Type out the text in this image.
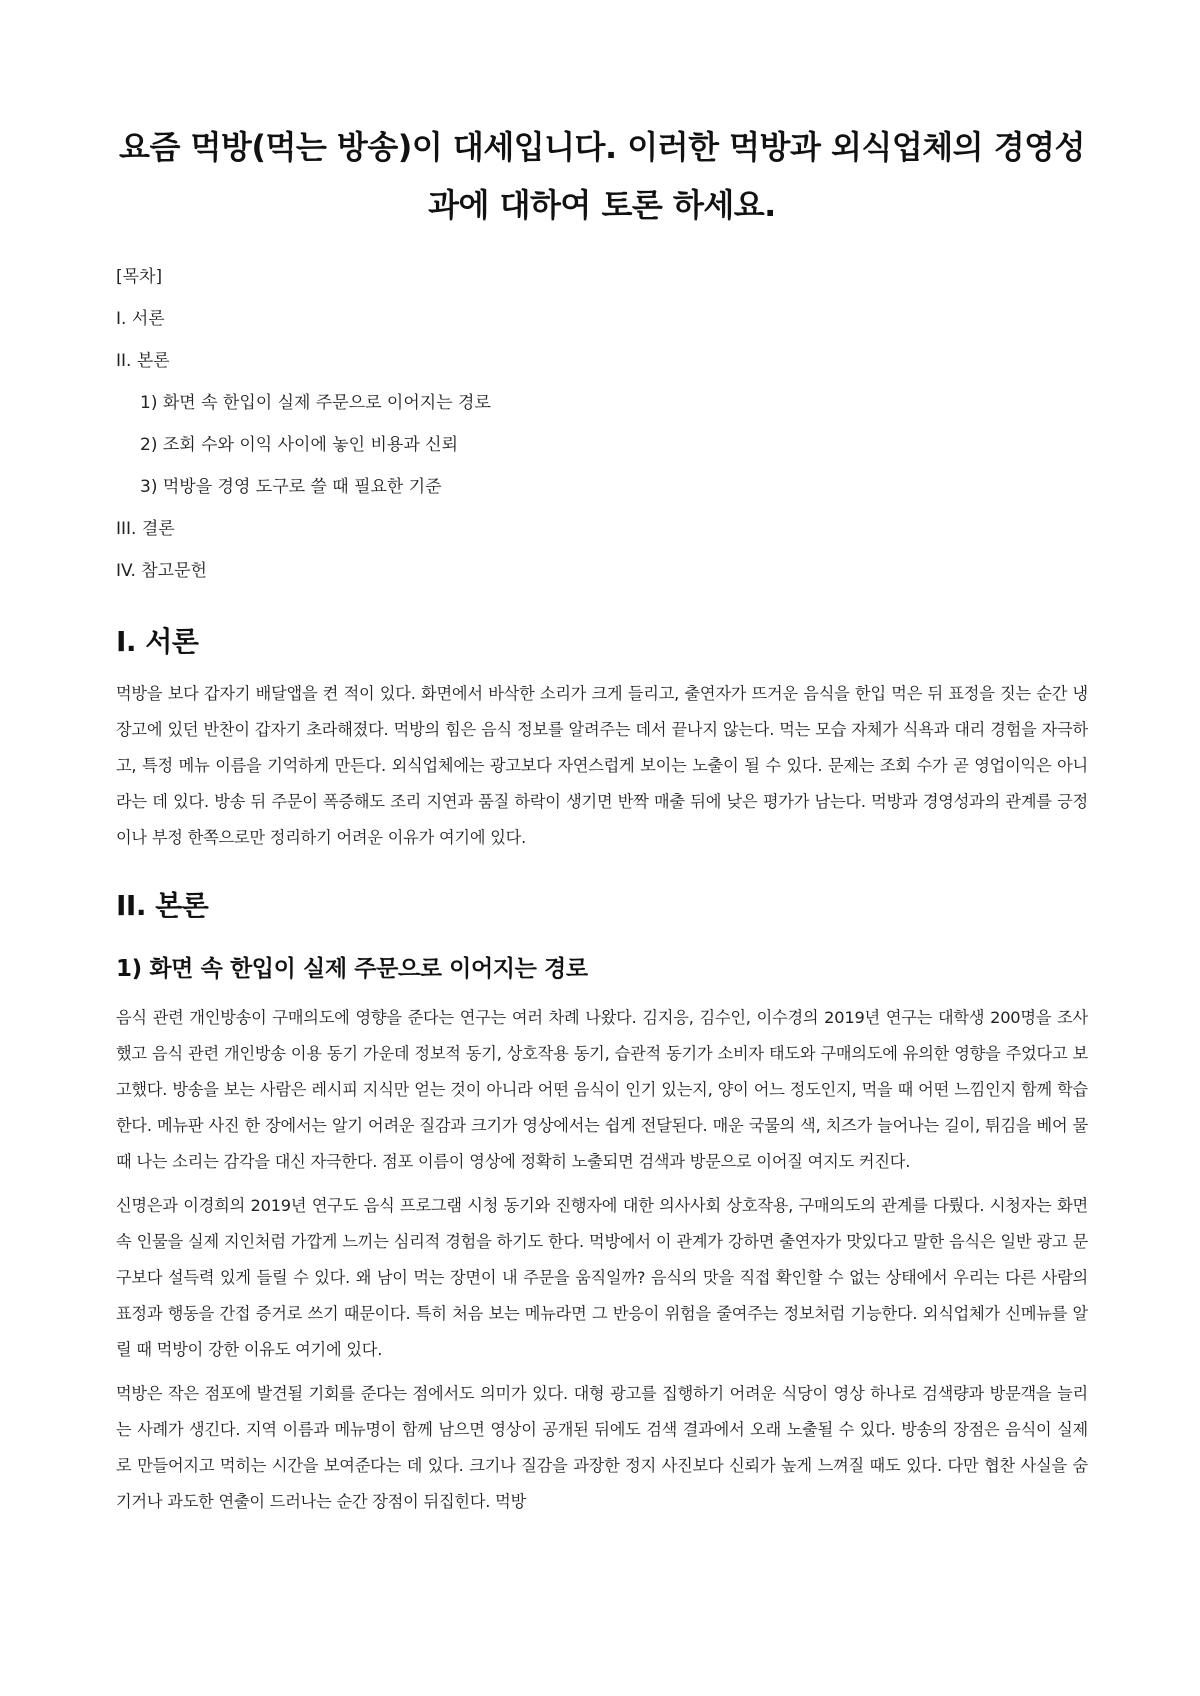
요즘 먹방(먹는 방송)이 대세입니다. 이러한 먹방과 외식업체의 경영성과에 대하여 토론 하세요.
[목차]
I. 서론
II. 본론
1) 화면 속 한입이 실제 주문으로 이어지는 경로
2) 조회 수와 이익 사이에 놓인 비용과 신뢰
3) 먹방을 경영 도구로 쓸 때 필요한 기준
III. 결론
IV. 참고문헌
I. 서론

먹방을 보다 갑자기 배달앱을 켠 적이 있다. 화면에서 바삭한 소리가 크게 들리고, 출연자가 뜨거운 음식을 한입 먹은 뒤 표정을 짓는 순간 냉장고에 있던 반찬이 갑자기 초라해졌다. 먹방의 힘은 음식 정보를 알려주는 데서 끝나지 않는다. 먹는 모습 자체가 식욕과 대리 경험을 자극하고, 특정 메뉴 이름을 기억하게 만든다. 외식업체에는 광고보다 자연스럽게 보이는 노출이 될 수 있다. 문제는 조회 수가 곧 영업이익은 아니라는 데 있다. 방송 뒤 주문이 폭증해도 조리 지연과 품질 하락이 생기면 반짝 매출 뒤에 낮은 평가가 남는다. 먹방과 경영성과의 관계를 긍정이나 부정 한쪽으로만 정리하기 어려운 이유가 여기에 있다.

II. 본론
1) 화면 속 한입이 실제 주문으로 이어지는 경로

음식 관련 개인방송이 구매의도에 영향을 준다는 연구는 여러 차례 나왔다. 김지응, 김수인, 이수경의 2019년 연구는 대학생 200명을 조사했고 음식 관련 개인방송 이용 동기 가운데 정보적 동기, 상호작용 동기, 습관적 동기가 소비자 태도와 구매의도에 유의한 영향을 주었다고 보고했다. 방송을 보는 사람은 레시피 지식만 얻는 것이 아니라 어떤 음식이 인기 있는지, 양이 어느 정도인지, 먹을 때 어떤 느낌인지 함께 학습한다. 메뉴판 사진 한 장에서는 알기 어려운 질감과 크기가 영상에서는 쉽게 전달된다. 매운 국물의 색, 치즈가 늘어나는 길이, 튀김을 베어 물 때 나는 소리는 감각을 대신 자극한다. 점포 이름이 영상에 정확히 노출되면 검색과 방문으로 이어질 여지도 커진다.

신명은과 이경희의 2019년 연구도 음식 프로그램 시청 동기와 진행자에 대한 의사사회 상호작용, 구매의도의 관계를 다뤘다. 시청자는 화면 속 인물을 실제 지인처럼 가깝게 느끼는 심리적 경험을 하기도 한다. 먹방에서 이 관계가 강하면 출연자가 맛있다고 말한 음식은 일반 광고 문구보다 설득력 있게 들릴 수 있다. 왜 남이 먹는 장면이 내 주문을 움직일까? 음식의 맛을 직접 확인할 수 없는 상태에서 우리는 다른 사람의 표정과 행동을 간접 증거로 쓰기 때문이다. 특히 처음 보는 메뉴라면 그 반응이 위험을 줄여주는 정보처럼 기능한다. 외식업체가 신메뉴를 알릴 때 먹방이 강한 이유도 여기에 있다.

먹방은 작은 점포에 발견될 기회를 준다는 점에서도 의미가 있다. 대형 광고를 집행하기 어려운 식당이 영상 하나로 검색량과 방문객을 늘리는 사례가 생긴다. 지역 이름과 메뉴명이 함께 남으면 영상이 공개된 뒤에도 검색 결과에서 오래 노출될 수 있다. 방송의 장점은 음식이 실제로 만들어지고 먹히는 시간을 보여준다는 데 있다. 크기나 질감을 과장한 정지 사진보다 신뢰가 높게 느껴질 때도 있다. 다만 협찬 사실을 숨기거나 과도한 연출이 드러나는 순간 장점이 뒤집힌다. 먹방
